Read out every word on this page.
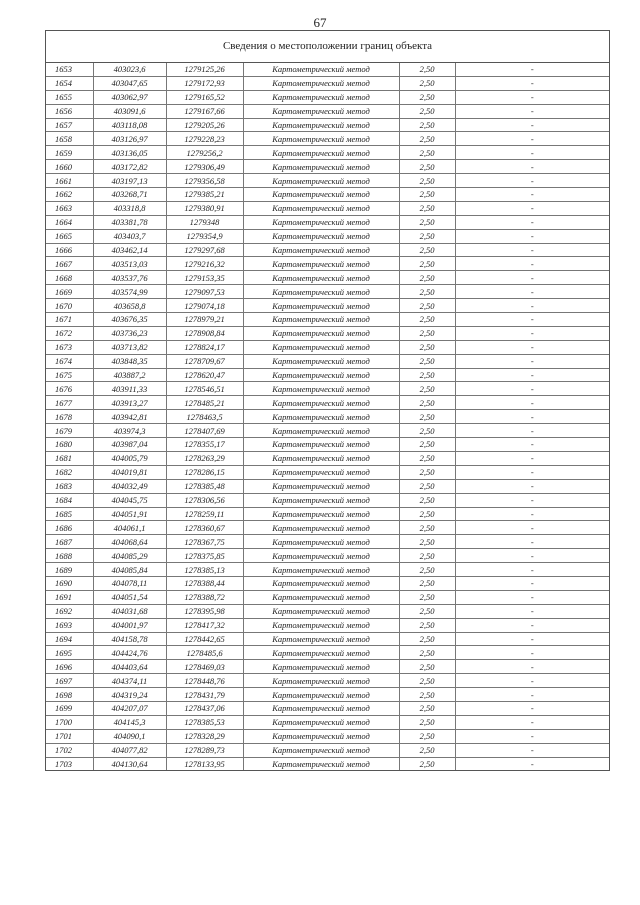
67
Сведения о местоположении границ объекта
1653	403023,6	1279125,26	Картометрический метод	2,50	-
1654	403047,65	1279172,93	Картометрический метод	2,50	-
1655	403062,97	1279165,52	Картометрический метод	2,50	-
1656	403091,6	1279167,66	Картометрический метод	2,50	-
1657	403118,08	1279205,26	Картометрический метод	2,50	-
1658	403126,97	1279228,23	Картометрический метод	2,50	-
1659	403136,05	1279256,2	Картометрический метод	2,50	-
1660	403172,82	1279306,49	Картометрический метод	2,50	-
1661	403197,13	1279356,58	Картометрический метод	2,50	-
1662	403268,71	1279385,21	Картометрический метод	2,50	-
1663	403318,8	1279380,91	Картометрический метод	2,50	-
1664	403381,78	1279348	Картометрический метод	2,50	-
1665	403403,7	1279354,9	Картометрический метод	2,50	-
1666	403462,14	1279297,68	Картометрический метод	2,50	-
1667	403513,03	1279216,32	Картометрический метод	2,50	-
1668	403537,76	1279153,35	Картометрический метод	2,50	-
1669	403574,99	1279097,53	Картометрический метод	2,50	-
1670	403658,8	1279074,18	Картометрический метод	2,50	-
1671	403676,35	1278979,21	Картометрический метод	2,50	-
1672	403736,23	1278908,84	Картометрический метод	2,50	-
1673	403713,82	1278824,17	Картометрический метод	2,50	-
1674	403848,35	1278709,67	Картометрический метод	2,50	-
1675	403887,2	1278620,47	Картометрический метод	2,50	-
1676	403911,33	1278546,51	Картометрический метод	2,50	-
1677	403913,27	1278485,21	Картометрический метод	2,50	-
1678	403942,81	1278463,5	Картометрический метод	2,50	-
1679	403974,3	1278407,69	Картометрический метод	2,50	-
1680	403987,04	1278355,17	Картометрический метод	2,50	-
1681	404005,79	1278263,29	Картометрический метод	2,50	-
1682	404019,81	1278286,15	Картометрический метод	2,50	-
1683	404032,49	1278385,48	Картометрический метод	2,50	-
1684	404045,75	1278306,56	Картометрический метод	2,50	-
1685	404051,91	1278259,11	Картометрический метод	2,50	-
1686	404061,1	1278360,67	Картометрический метод	2,50	-
1687	404068,64	1278367,75	Картометрический метод	2,50	-
1688	404085,29	1278375,85	Картометрический метод	2,50	-
1689	404085,84	1278385,13	Картометрический метод	2,50	-
1690	404078,11	1278388,44	Картометрический метод	2,50	-
1691	404051,54	1278388,72	Картометрический метод	2,50	-
1692	404031,68	1278395,98	Картометрический метод	2,50	-
1693	404001,97	1278417,32	Картометрический метод	2,50	-
1694	404158,78	1278442,65	Картометрический метод	2,50	-
1695	404424,76	1278485,6	Картометрический метод	2,50	-
1696	404403,64	1278469,03	Картометрический метод	2,50	-
1697	404374,11	1278448,76	Картометрический метод	2,50	-
1698	404319,24	1278431,79	Картометрический метод	2,50	-
1699	404207,07	1278437,06	Картометрический метод	2,50	-
1700	404145,3	1278385,53	Картометрический метод	2,50	-
1701	404090,1	1278328,29	Картометрический метод	2,50	-
1702	404077,82	1278289,73	Картометрический метод	2,50	-
1703	404130,64	1278133,95	Картометрический метод	2,50	-
